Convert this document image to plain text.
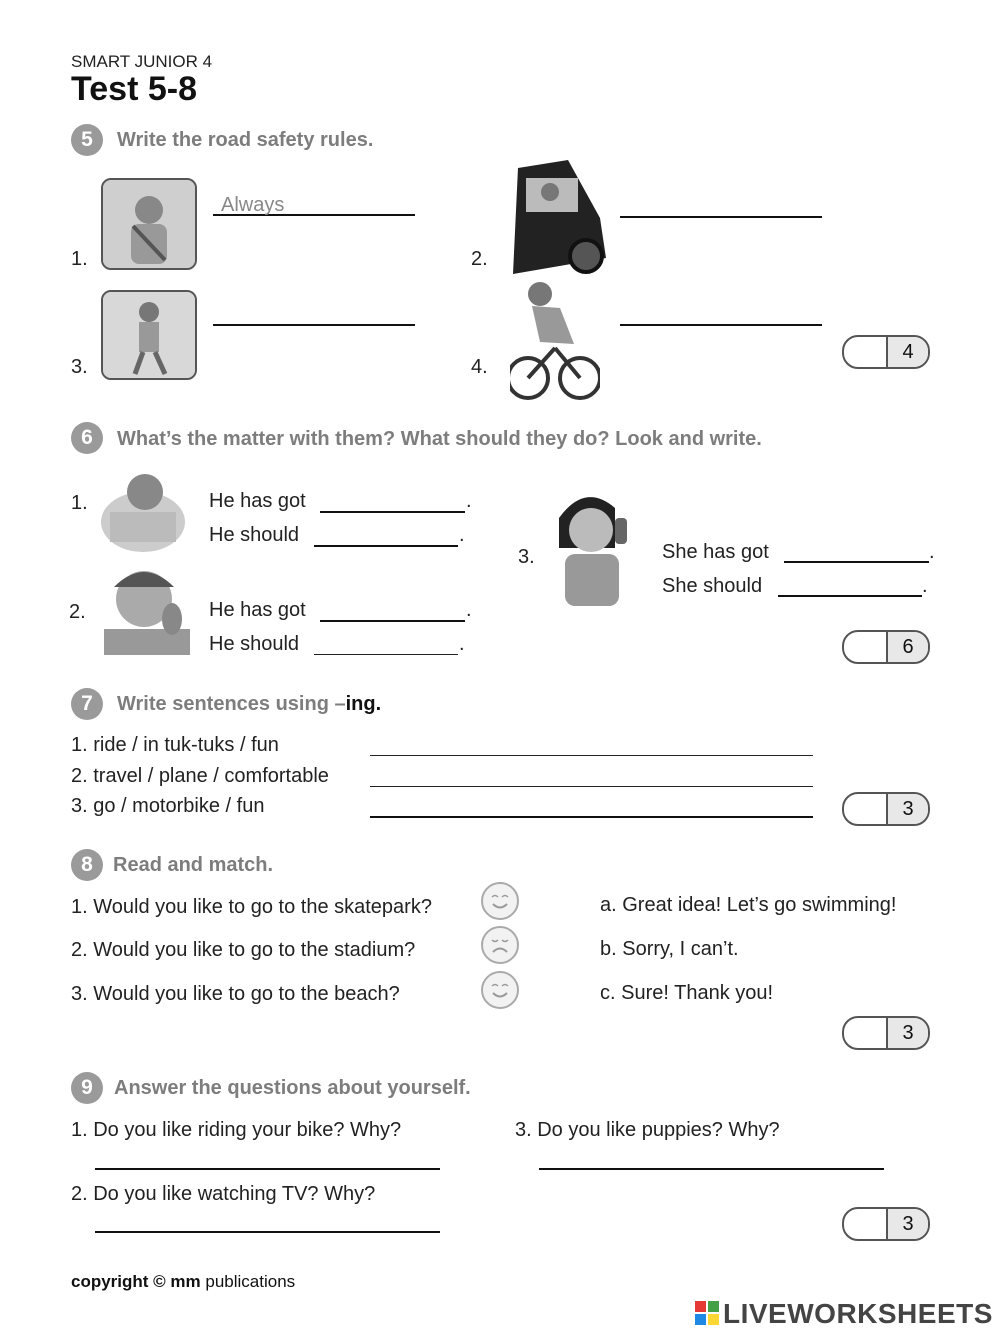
SMART JUNIOR 4
Test 5-8
5	Write the road safety rules.
1.
Always
2.
3.	4.
4
6	What’s the matter with them? What should they do? Look and write.
1.	He has got	.
He should	.
2.	He has got	.
He should	.
3.	She has got	.
She should	.
6
7	Write sentences using –ing.
1. ride / in tuk-tuks / fun
2. travel / plane / comfortable
3. go / motorbike / fun	3
8	Read and match.
1. Would you like to go to the skatepark?
2. Would you like to go to the stadium?
3. Would you like to go to the beach?
a. Great idea! Let’s go swimming!
b. Sorry, I can’t.
c. Sure! Thank you!
3
9	Answer the questions about yourself.
1. Do you like riding your bike? Why?
2. Do you like watching TV? Why?
3. Do you like puppies? Why?
3
copyright © mm publications
LIVEWORKSHEETS
